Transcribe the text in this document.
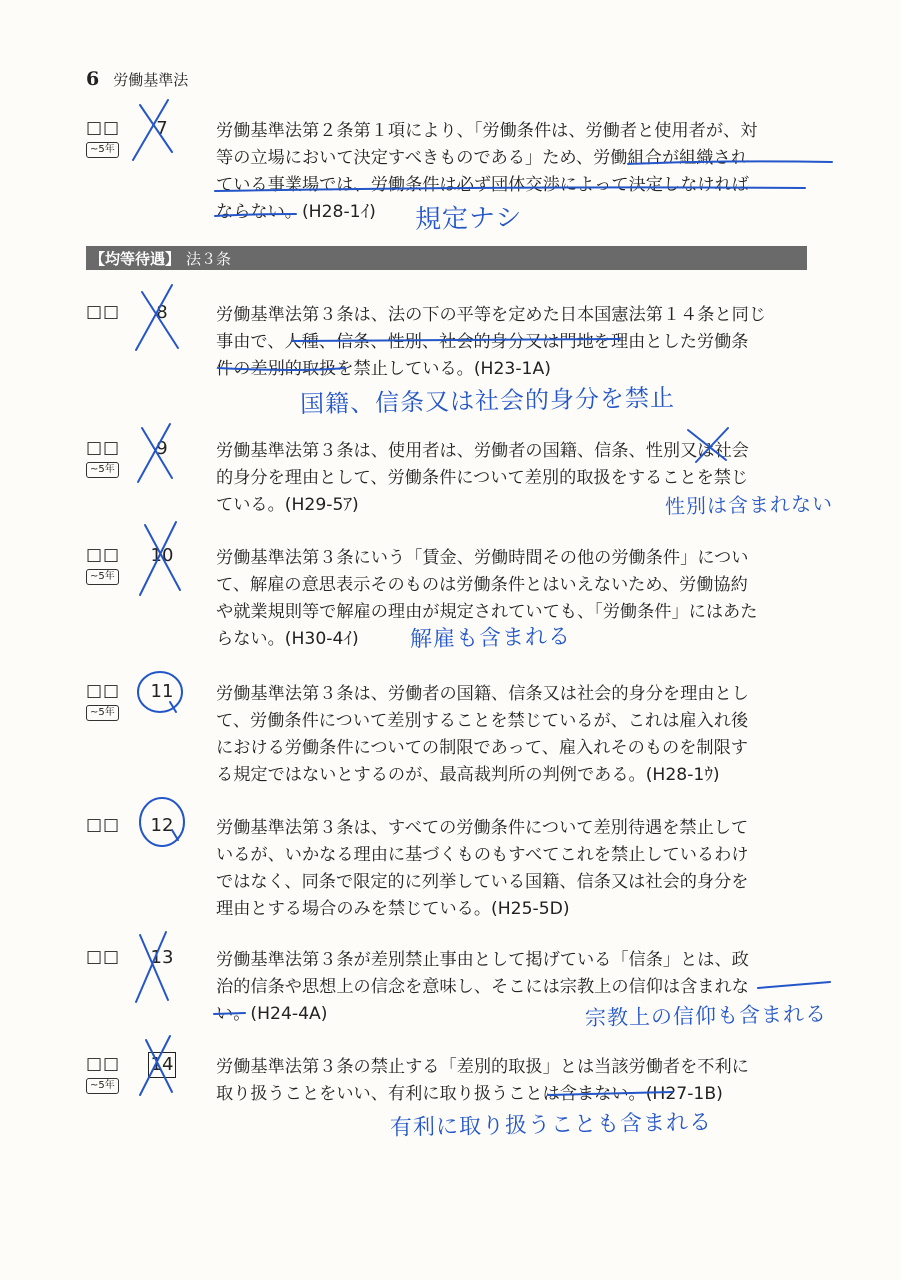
6 労働基準法
□□
~5年
7	労働基準法第２条第１項により、「労働条件は、労働者と使用者が、対
等の立場において決定すべきものである」ため、労働組合が組織され
ている事業場では、労働条件は必ず団体交渉によって決定しなければ
ならない。(H28-1ｲ)
【均等待遇】 法３条
□□	8	労働基準法第３条は、法の下の平等を定めた日本国憲法第１４条と同じ
事由で、人種、信条、性別、社会的身分又は門地を理由とした労働条
件の差別的取扱を禁止している。(H23-1A)
□□
~5年
9	労働基準法第３条は、使用者は、労働者の国籍、信条、性別又は社会
的身分を理由として、労働条件について差別的取扱をすることを禁じ
ている。(H29-5ｱ)
□□
~5年
10 労働基準法第３条にいう「賃金、労働時間その他の労働条件」につい
て、解雇の意思表示そのものは労働条件とはいえないため、労働協約
や就業規則等で解雇の理由が規定されていても、「労働条件」にはあた
らない。(H30-4ｲ)
□□
~5年
11 労働基準法第３条は、労働者の国籍、信条又は社会的身分を理由とし
て、労働条件について差別することを禁じているが、これは雇入れ後
における労働条件についての制限であって、雇入れそのものを制限す
る規定ではないとするのが、最高裁判所の判例である。(H28-1ｳ)
□□ 12 労働基準法第３条は、すべての労働条件について差別待遇を禁止して
いるが、いかなる理由に基づくものもすべてこれを禁止しているわけ
ではなく、同条で限定的に列挙している国籍、信条又は社会的身分を
理由とする場合のみを禁じている。(H25-5D)
□□ 13 労働基準法第３条が差別禁止事由として掲げている「信条」とは、政
治的信条や思想上の信念を意味し、そこには宗教上の信仰は含まれな
い。(H24-4A)
□□
~5年
14 労働基準法第３条の禁止する「差別的取扱」とは当該労働者を不利に
取り扱うことをいい、有利に取り扱うことは含まない。(H27-1B)
規定ナシ
国籍、信条又は社会的身分を禁止
性別は含まれない
解雇も含まれる
宗教上の信仰も含まれる
有利に取り扱うことも含まれる
